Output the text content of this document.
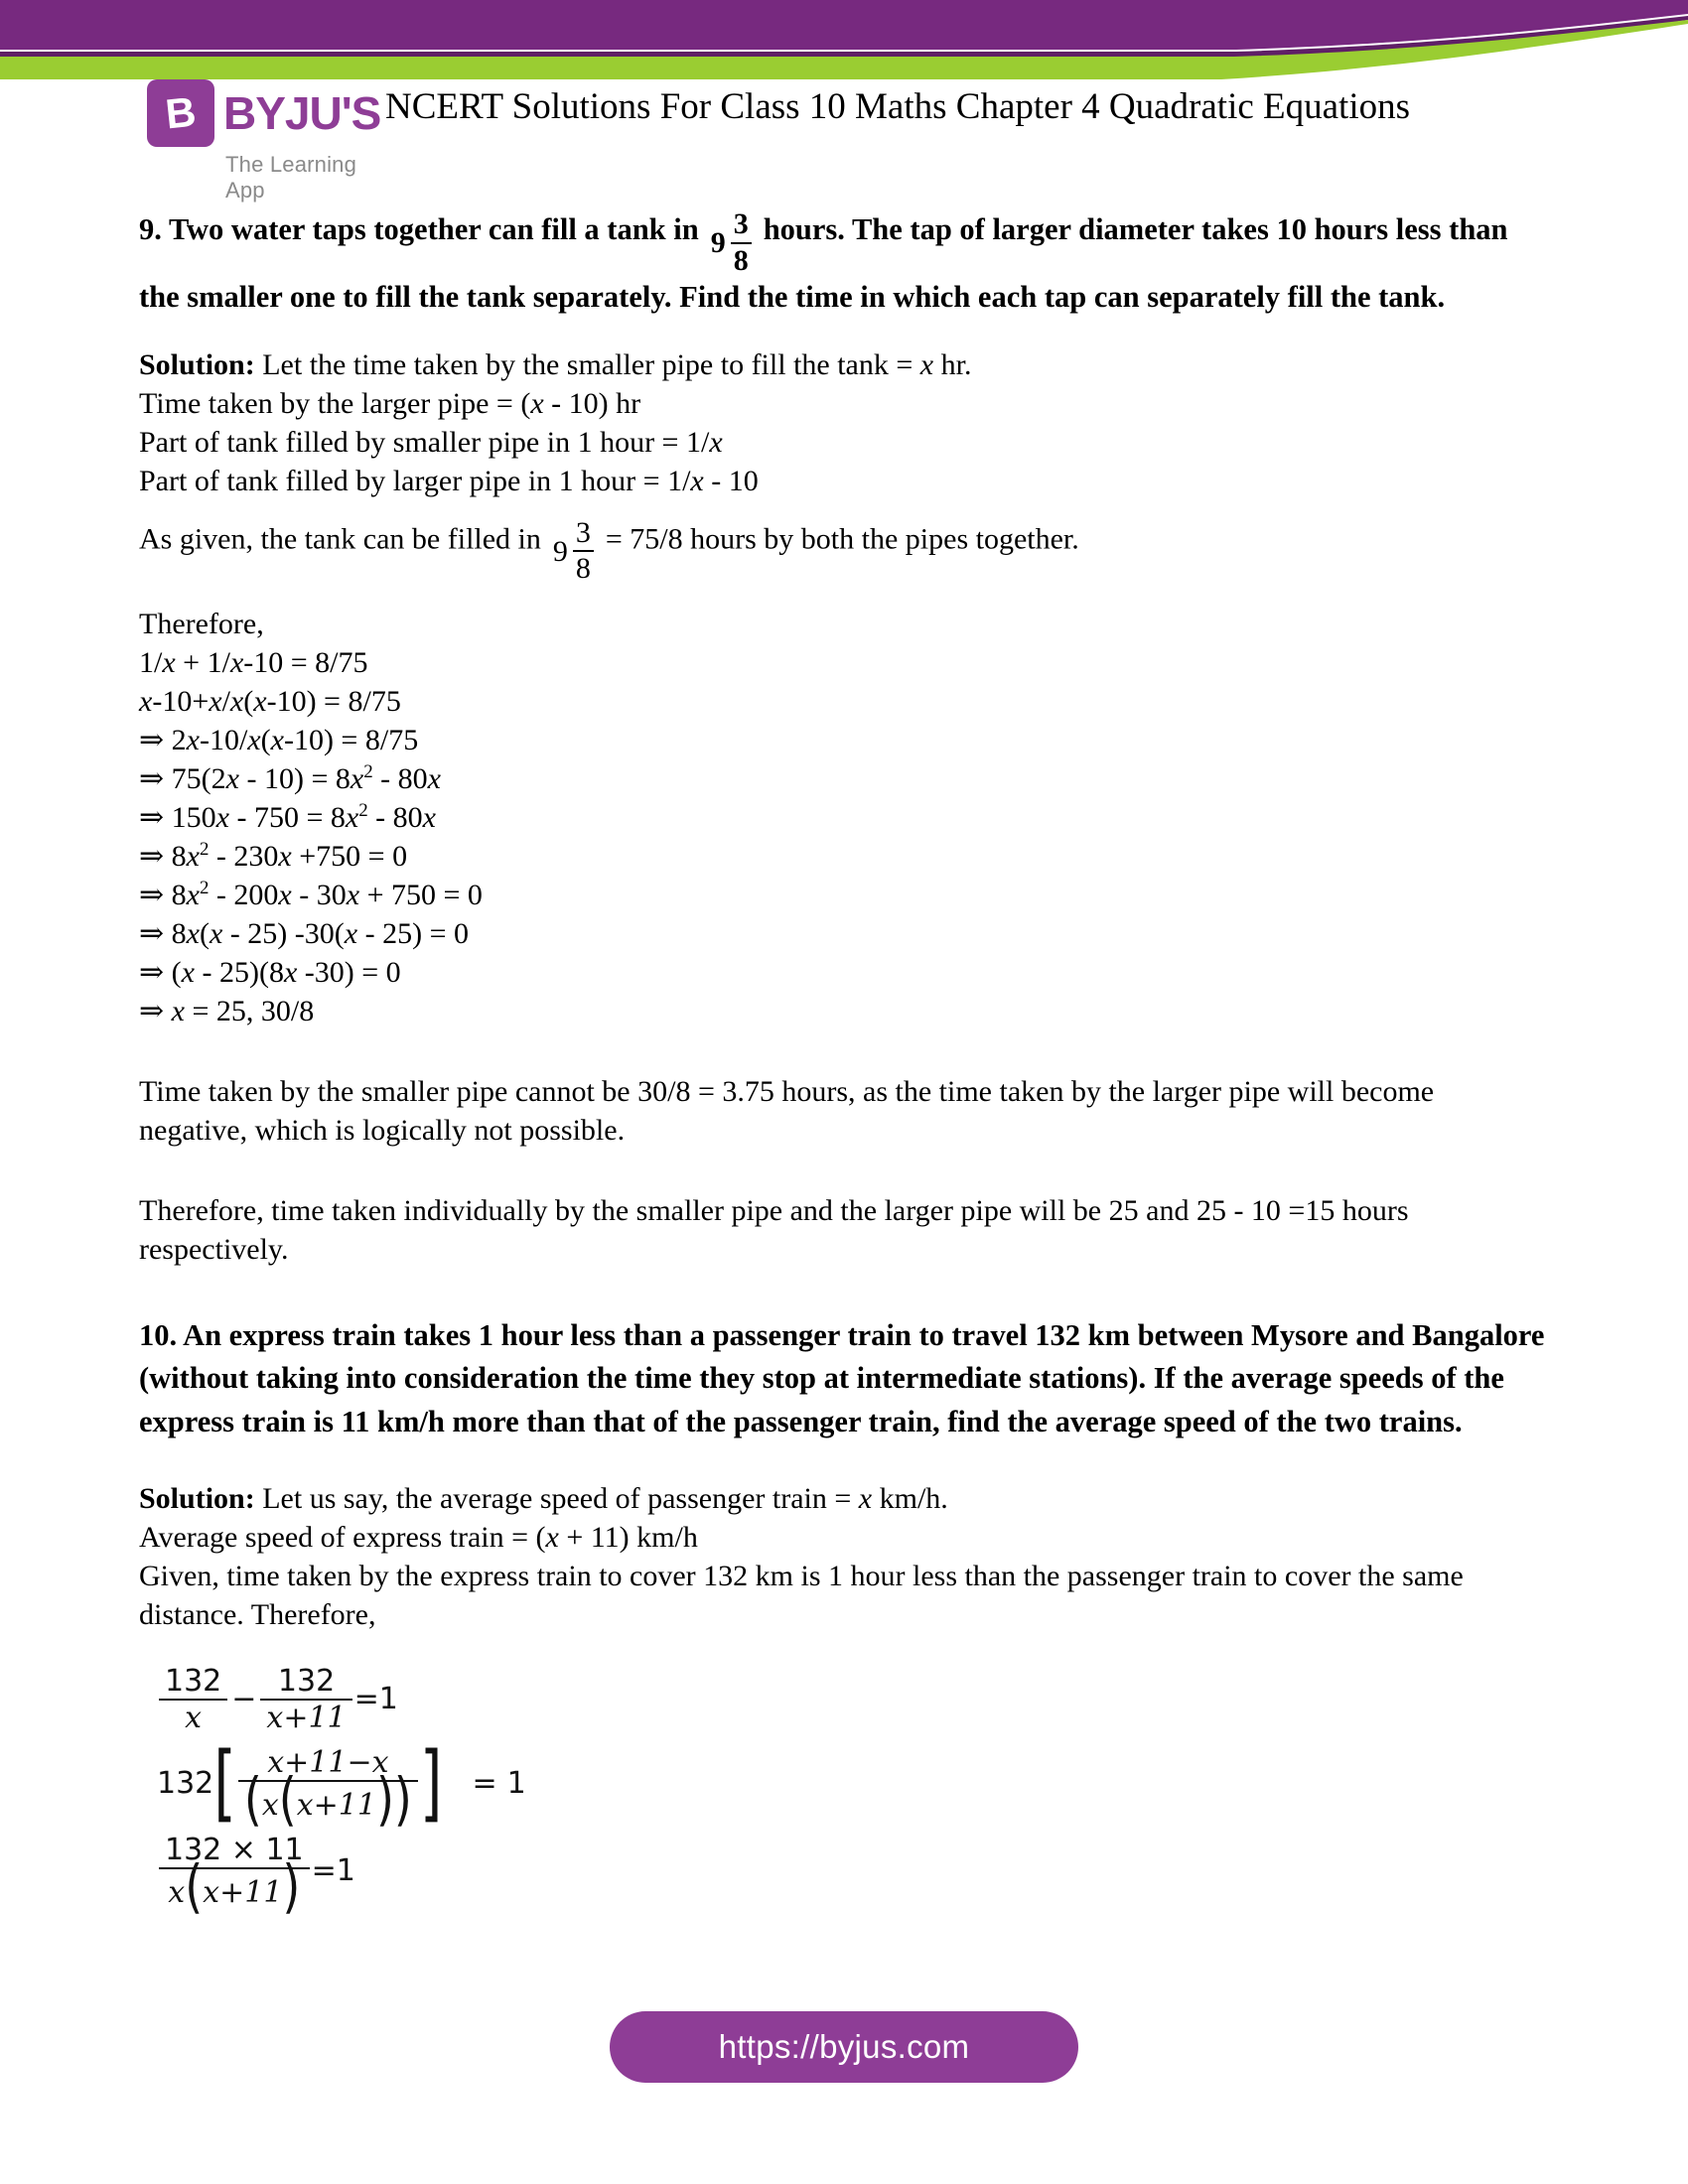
B BYJU'S
The Learning App
NCERT Solutions For Class 10 Maths Chapter 4 Quadratic Equations
9. Two water taps together can fill a tank in $9 \frac{3}{8}$ hours. The tap of larger diameter takes 10 hours less than the smaller one to fill the tank separately. Find the time in which each tap can separately fill the tank.

Solution: Let the time taken by the smaller pipe to fill the tank = x hr.

Time taken by the larger pipe = (x - 10) hr

Part of tank filled by smaller pipe in 1 hour = 1/x

Part of tank filled by larger pipe in 1 hour = 1/x - 10

As given, the tank can be filled in $9 \frac{3}{8} = 75/8$ hours by both the pipes together.
Therefore,
1/x + 1/x-10 = 8/75
x-10+x/x(x-10) = 8/75
⇒ 2x-10/x(x-10) = 8/75
⇒ $75(2x - 10) = 8x^2 - 80x$
⇒ $150x - 750 = 8x^2 - 80x$
⇒ $8x^2 - 230x +750 = 0$
⇒ $8x^2 - 200x - 30x + 750 = 0$
⇒ 8x(x - 25) -30(x - 25) = 0
⇒ (x - 25)(8x -30) = 0
⇒ x = 25, 30/8

Time taken by the smaller pipe cannot be 30/8 = 3.75 hours, as the time taken by the larger pipe will become negative, which is logically not possible.

Therefore, time taken individually by the smaller pipe and the larger pipe will be 25 and 25 - 10 =15 hours respectively.

10. An express train takes 1 hour less than a passenger train to travel 132 km between Mysore and Bangalore (without taking into consideration the time they stop at intermediate stations). If the average speeds of the express train is 11 km/h more than that of the passenger train, find the average speed of the two trains.

Solution: Let us say, the average speed of passenger train = x km/h.

Average speed of express train = (x + 11) km/h

Given, time taken by the express train to cover 132 km is 1 hour less than the passenger train to cover the same distance. Therefore,

132
x
−
132
x+11
= 1
132 [ x+11−x
(x(x+11)) ]	= 1
132 × 11
x(x+11) = 1
https://byjus.com
